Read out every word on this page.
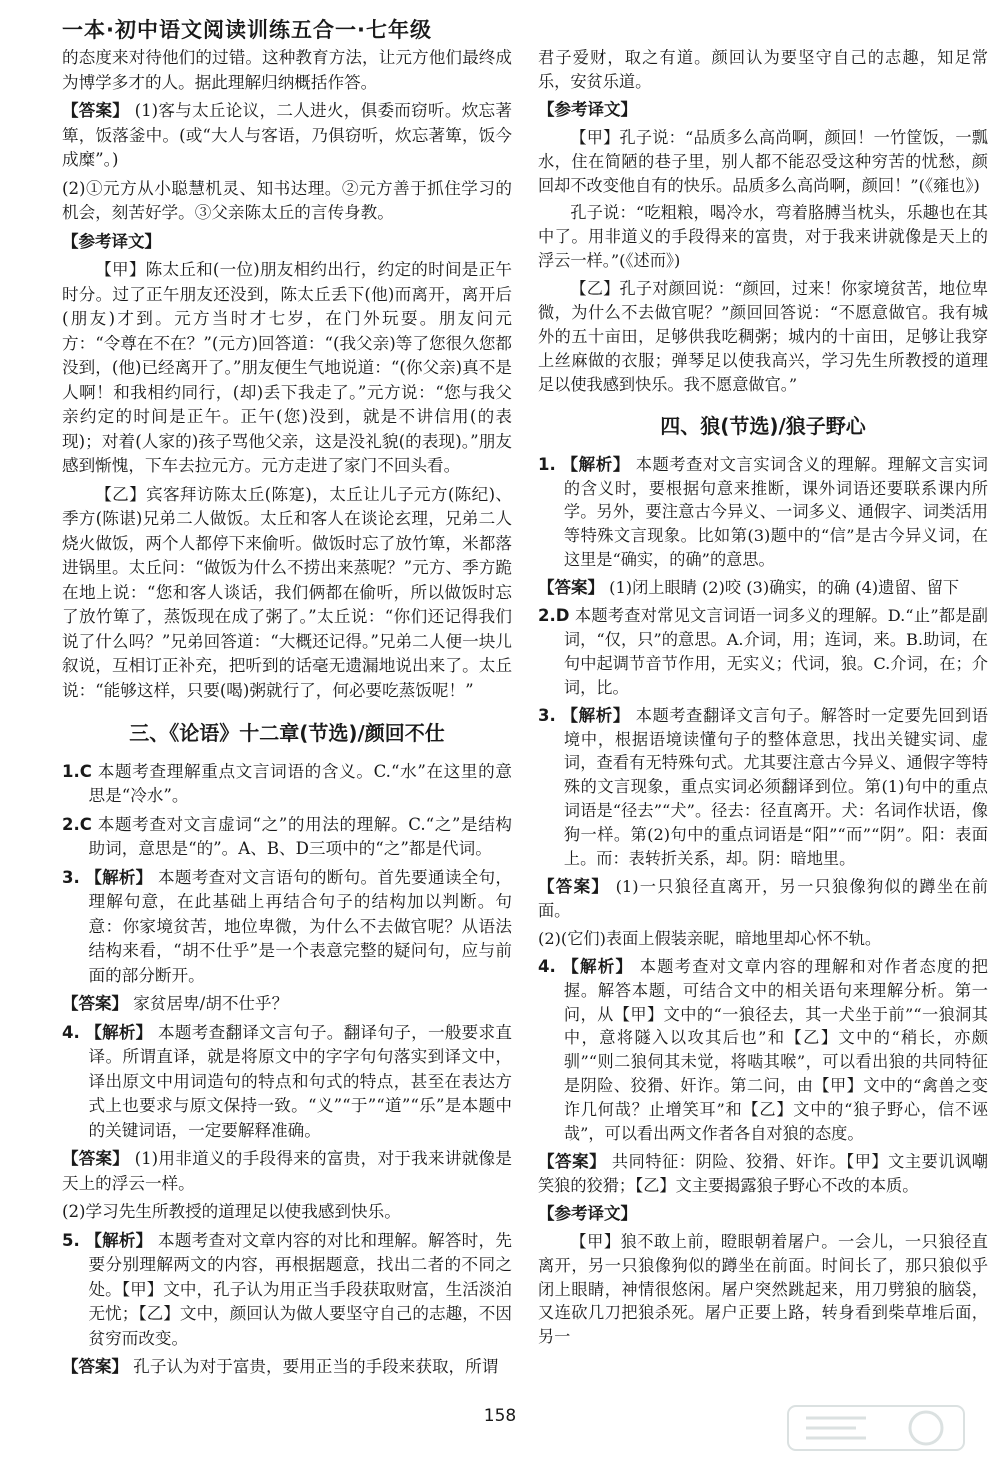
一本·初中语文阅读训练五合一·七年级

的态度来对待他们的过错。这种教育方法，让元方他们最终成为博学多才的人。据此理解归纳概括作答。

【答案】 (1)客与太丘论议，二人进火，俱委而窃听。炊忘著箄，饭落釜中。(或“大人与客语，乃俱窃听，炊忘著箄，饭今成糜”。)

(2)①元方从小聪慧机灵、知书达理。②元方善于抓住学习的机会，刻苦好学。③父亲陈太丘的言传身教。

【参考译文】

【甲】陈太丘和(一位)朋友相约出行，约定的时间是正午时分。过了正午朋友还没到，陈太丘丢下(他)而离开，离开后(朋友)才到。元方当时才七岁，在门外玩耍。朋友问元方：“令尊在不在？”(元方)回答道：“(我父亲)等了您很久您都没到，(他)已经离开了。”朋友便生气地说道：“(你父亲)真不是人啊！和我相约同行，(却)丢下我走了。”元方说：“您与我父亲约定的时间是正午。正午(您)没到，就是不讲信用(的表现)；对着(人家的)孩子骂他父亲，这是没礼貌(的表现)。”朋友感到惭愧，下车去拉元方。元方走进了家门不回头看。

【乙】宾客拜访陈太丘(陈寔)，太丘让儿子元方(陈纪)、季方(陈谌)兄弟二人做饭。太丘和客人在谈论玄理，兄弟二人烧火做饭，两个人都停下来偷听。做饭时忘了放竹箄，米都落进锅里。太丘问：“做饭为什么不捞出来蒸呢？”元方、季方跪在地上说：“您和客人谈话，我们俩都在偷听，所以做饭时忘了放竹箄了，蒸饭现在成了粥了。”太丘说：“你们还记得我们说了什么吗？”兄弟回答道：“大概还记得。”兄弟二人便一块儿叙说，互相订正补充，把听到的话毫无遗漏地说出来了。太丘说：“能够这样，只要(喝)粥就行了，何必要吃蒸饭呢！”

三、《论语》十二章(节选)/颜回不仕

1.C 本题考查理解重点文言词语的含义。C.“水”在这里的意思是“冷水”。

2.C 本题考查对文言虚词“之”的用法的理解。C.“之”是结构助词，意思是“的”。A、B、D三项中的“之”都是代词。

3. 【解析】 本题考查对文言语句的断句。首先要通读全句，理解句意，在此基础上再结合句子的结构加以判断。句意：你家境贫苦，地位卑微，为什么不去做官呢？从语法结构来看，“胡不仕乎”是一个表意完整的疑问句，应与前面的部分断开。

【答案】 家贫居卑/胡不仕乎？

4. 【解析】 本题考查翻译文言句子。翻译句子，一般要求直译。所谓直译，就是将原文中的字字句句落实到译文中，译出原文中用词造句的特点和句式的特点，甚至在表达方式上也要求与原文保持一致。“义”“于”“道”“乐”是本题中的关键词语，一定要解释准确。

【答案】 (1)用非道义的手段得来的富贵，对于我来讲就像是天上的浮云一样。

(2)学习先生所教授的道理足以使我感到快乐。

5. 【解析】 本题考查对文章内容的对比和理解。解答时，先要分别理解两文的内容，再根据题意，找出二者的不同之处。【甲】文中，孔子认为用正当手段获取财富，生活淡泊无忧；【乙】文中，颜回认为做人要坚守自己的志趣，不因贫穷而改变。

【答案】 孔子认为对于富贵，要用正当的手段来获取，所谓

君子爱财，取之有道。颜回认为要坚守自己的志趣，知足常乐，安贫乐道。

【参考译文】

【甲】孔子说：“品质多么高尚啊，颜回！一竹筐饭，一瓢水，住在简陋的巷子里，别人都不能忍受这种穷苦的忧愁，颜回却不改变他自有的快乐。品质多么高尚啊，颜回！”(《雍也》)

孔子说：“吃粗粮，喝冷水，弯着胳膊当枕头，乐趣也在其中了。用非道义的手段得来的富贵，对于我来讲就像是天上的浮云一样。”(《述而》)

【乙】孔子对颜回说：“颜回，过来！你家境贫苦，地位卑微，为什么不去做官呢？”颜回回答说：“不愿意做官。我有城外的五十亩田，足够供我吃稠粥；城内的十亩田，足够让我穿上丝麻做的衣服；弹琴足以使我高兴，学习先生所教授的道理足以使我感到快乐。我不愿意做官。”

四、狼(节选)/狼子野心

1. 【解析】 本题考查对文言实词含义的理解。理解文言实词的含义时，要根据句意来推断，课外词语还要联系课内所学。另外，要注意古今异义、一词多义、通假字、词类活用等特殊文言现象。比如第(3)题中的“信”是古今异义词，在这里是“确实，的确”的意思。

【答案】 (1)闭上眼睛 (2)咬 (3)确实，的确 (4)遗留、留下

2.D 本题考查对常见文言词语一词多义的理解。D.“止”都是副词，“仅，只”的意思。A.介词，用；连词，来。B.助词，在句中起调节音节作用，无实义；代词，狼。C.介词，在；介词，比。

3. 【解析】 本题考查翻译文言句子。解答时一定要先回到语境中，根据语境读懂句子的整体意思，找出关键实词、虚词，查看有无特殊句式。尤其要注意古今异义、通假字等特殊的文言现象，重点实词必须翻译到位。第(1)句中的重点词语是“径去”“犬”。径去：径直离开。犬：名词作状语，像狗一样。第(2)句中的重点词语是“阳”“而”“阴”。阳：表面上。而：表转折关系，却。阴：暗地里。

【答案】 (1)一只狼径直离开，另一只狼像狗似的蹲坐在前面。

(2)(它们)表面上假装亲昵，暗地里却心怀不轨。

4. 【解析】 本题考查对文章内容的理解和对作者态度的把握。解答本题，可结合文中的相关语句来理解分析。第一问，从【甲】文中的“一狼径去，其一犬坐于前”“一狼洞其中，意将隧入以攻其后也”和【乙】文中的“稍长，亦颇驯”“则二狼伺其未觉，将啮其喉”，可以看出狼的共同特征是阴险、狡猾、奸诈。第二问，由【甲】文中的“禽兽之变诈几何哉？止增笑耳”和【乙】文中的“狼子野心，信不诬哉”，可以看出两文作者各自对狼的态度。

【答案】 共同特征：阴险、狡猾、奸诈。【甲】文主要讥讽嘲笑狼的狡猾；【乙】文主要揭露狼子野心不改的本质。

【参考译文】

【甲】狼不敢上前，瞪眼朝着屠户。一会儿，一只狼径直离开，另一只狼像狗似的蹲坐在前面。时间长了，那只狼似乎闭上眼睛，神情很悠闲。屠户突然跳起来，用刀劈狼的脑袋，又连砍几刀把狼杀死。屠户正要上路，转身看到柴草堆后面，另一

158
